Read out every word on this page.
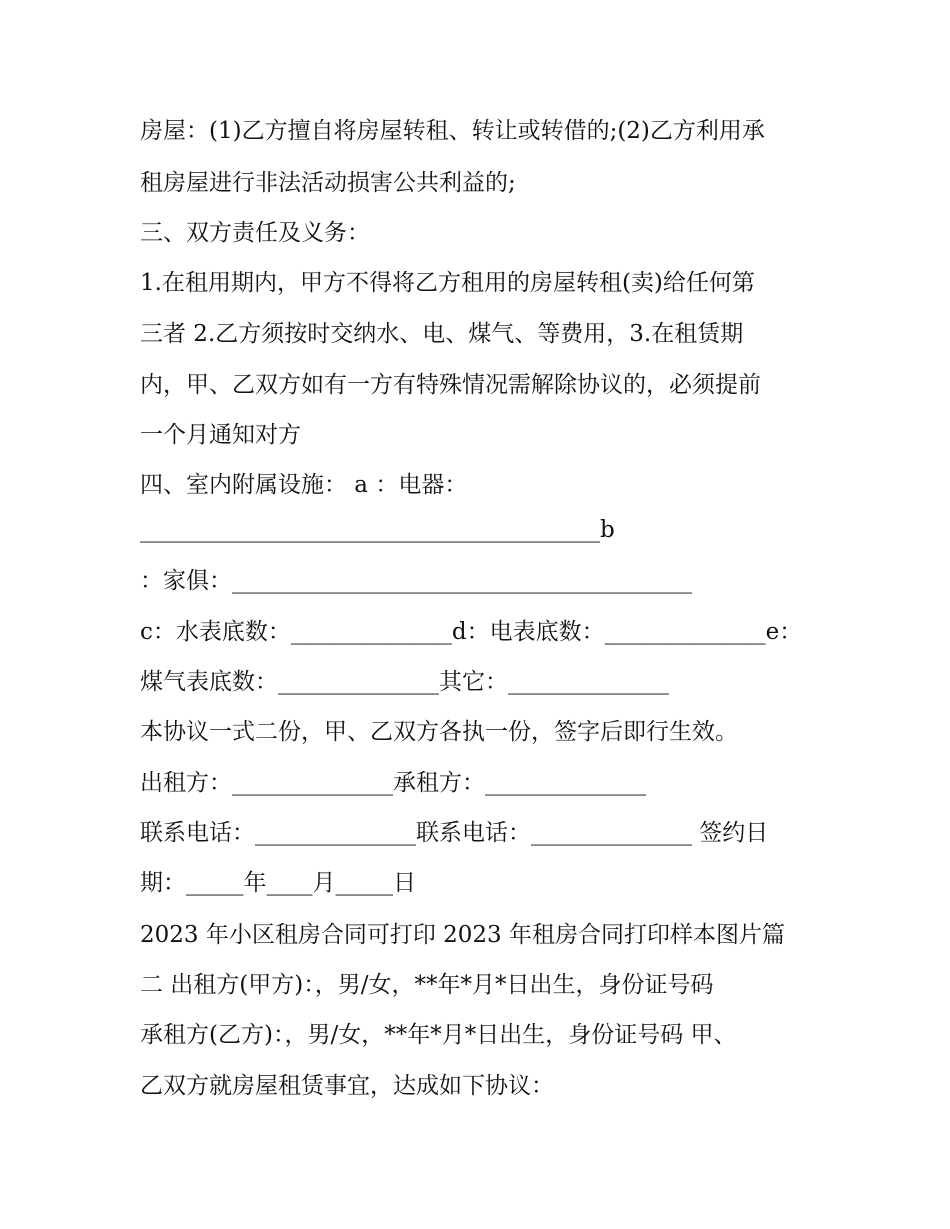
房屋：(1)乙方擅自将房屋转租、转让或转借的;(2)乙方利用承
租房屋进行非法活动损害公共利益的;
三、双方责任及义务：
1.在租用期内，甲方不得将乙方租用的房屋转租(卖)给任何第
三者 2.乙方须按时交纳水、电、煤气、等费用，3.在租赁期
内，甲、乙双方如有一方有特殊情况需解除协议的，必须提前
一个月通知对方
四、室内附属设施： a ：电器：
________________________________________b
：家俱：________________________________________
c：水表底数：______________d：电表底数：______________e：
煤气表底数：______________其它：______________
本协议一式二份，甲、乙双方各执一份，签字后即行生效。
出租方：______________承租方：______________
联系电话：______________联系电话：______________ 签约日
期：_____年____月_____日
2023 年小区租房合同可打印 2023 年租房合同打印样本图片篇
二 出租方(甲方)：，男/女，**年*月*日出生，身份证号码
承租方(乙方)：，男/女，**年*月*日出生，身份证号码 甲、
乙双方就房屋租赁事宜，达成如下协议：
